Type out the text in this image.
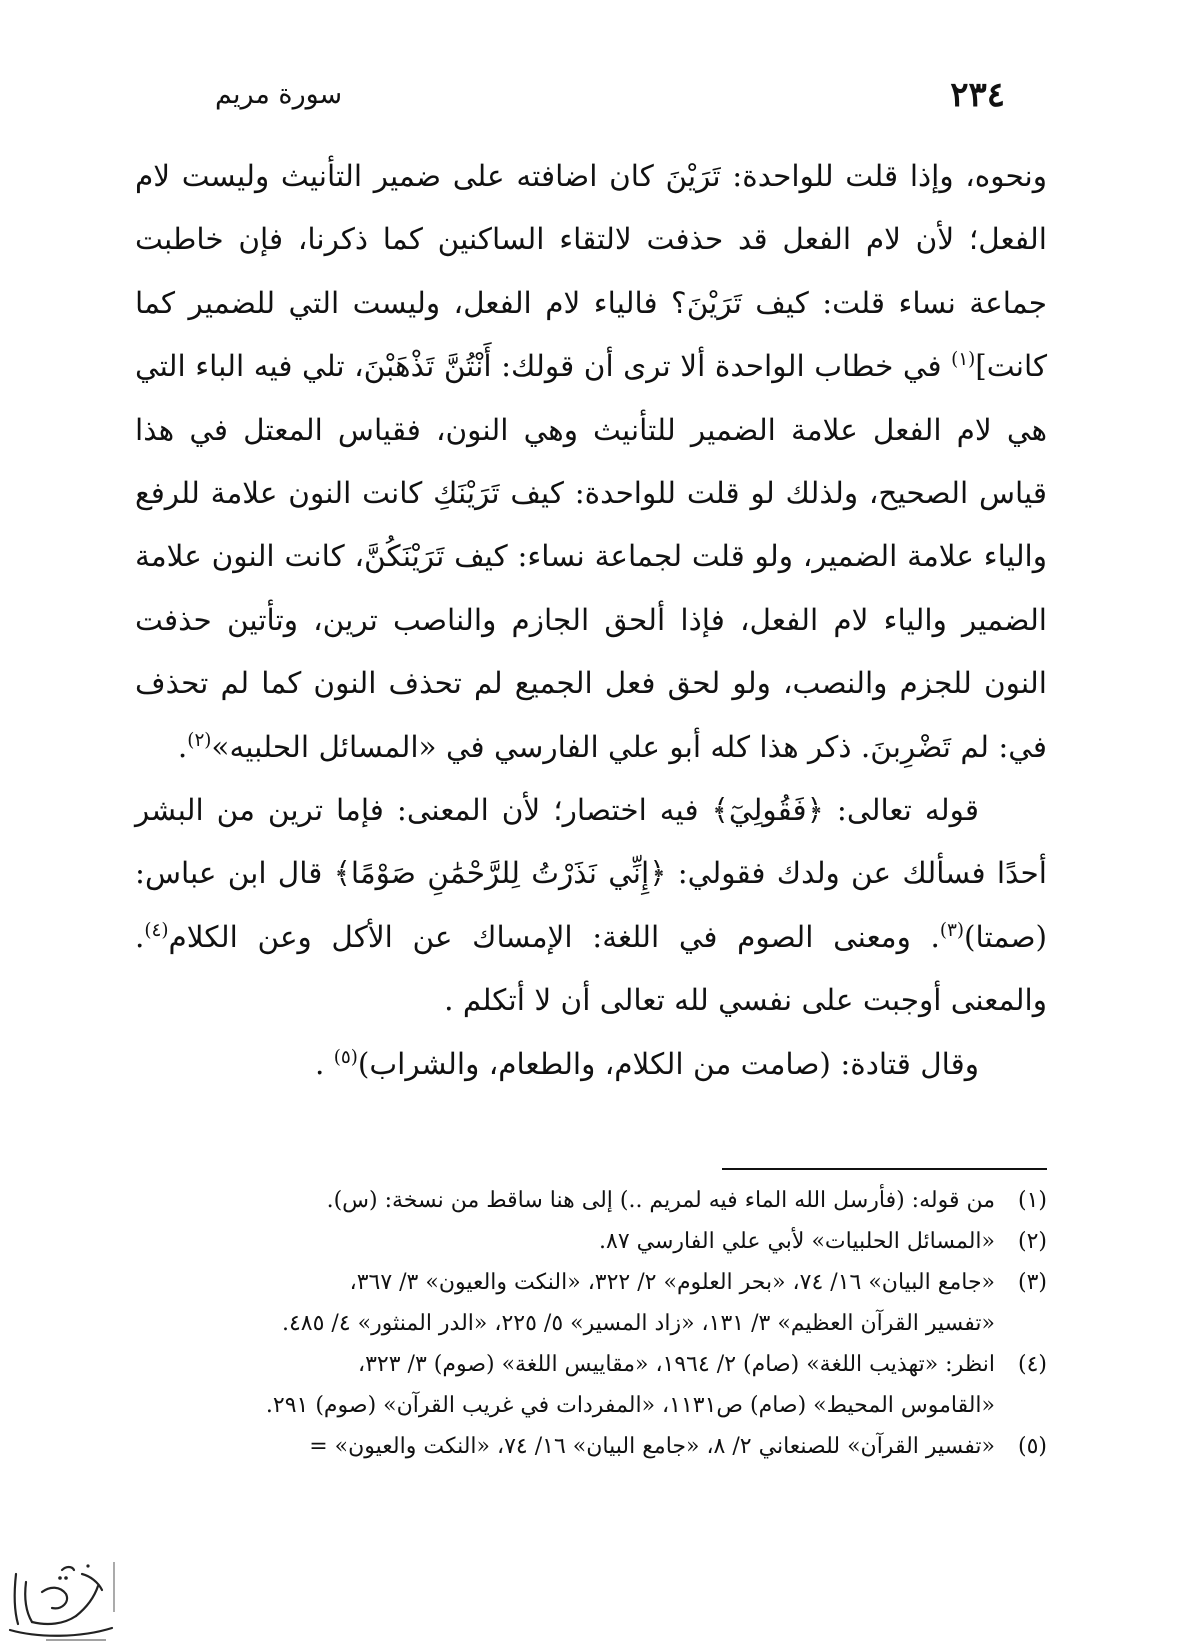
٢٣٤
سورة مريم

ونحوه، وإذا قلت للواحدة: تَرَيْنَ كان اضافته على ضمير التأنيث وليست لام الفعل؛ لأن لام الفعل قد حذفت لالتقاء الساكنين كما ذكرنا، فإن خاطبت جماعة نساء قلت: كيف تَرَيْنَ؟ فالياء لام الفعل، وليست التي للضمير كما كانت]$^{(١)}$ في خطاب الواحدة ألا ترى أن قولك: أَنْتُنَّ تَذْهَبْنَ، تلي فيه الباء التي هي لام الفعل علامة الضمير للتأنيث وهي النون، فقياس المعتل في هذا قياس الصحيح، ولذلك لو قلت للواحدة: كيف تَرَيْنَكِ كانت النون علامة للرفع والياء علامة الضمير، ولو قلت لجماعة نساء: كيف تَرَيْنَكُنَّ، كانت النون علامة الضمير والياء لام الفعل، فإذا ألحق الجازم والناصب ترين، وتأتين حذفت النون للجزم والنصب، ولو لحق فعل الجميع لم تحذف النون كما لم تحذف في: لم تَضْرِبنَ. ذكر هذا كله أبو علي الفارسي في «المسائل الحلبيه»$^{(٢)}$.

قوله تعالى: ﴿فَقُولِيٓ﴾ فيه اختصار؛ لأن المعنى: فإما ترين من البشر أحدًا فسألك عن ولدك فقولي: ﴿إِنِّي نَذَرْتُ لِلرَّحْمَٰنِ صَوْمًا﴾ قال ابن عباس: (صمتا)$^{(٣)}$. ومعنى الصوم في اللغة: الإمساك عن الأكل وعن الكلام$^{(٤)}$. والمعنى أوجبت على نفسي لله تعالى أن لا أتكلم .

وقال قتادة: (صامت من الكلام، والطعام، والشراب)$^{(٥)}$ .

(١)
من قوله: (فأرسل الله الماء فيه لمريم ..) إلى هنا ساقط من نسخة: (س).
(٢)
«المسائل الحلبيات» لأبي علي الفارسي ٨٧.
(٣)
«جامع البيان» ١٦/ ٧٤، «بحر العلوم» ٢/ ٣٢٢، «النكت والعيون» ٣/ ٣٦٧،
«تفسير القرآن العظيم» ٣/ ١٣١، «زاد المسير» ٥/ ٢٢٥، «الدر المنثور» ٤/ ٤٨٥.
(٤)
انظر: «تهذيب اللغة» (صام) ٢/ ١٩٦٤، «مقاييس اللغة» (صوم) ٣/ ٣٢٣،
«القاموس المحيط» (صام) ص١١٣١، «المفردات في غريب القرآن» (صوم) ٢٩١.
(٥)
«تفسير القرآن» للصنعاني ٢/ ٨، «جامع البيان» ١٦/ ٧٤، «النكت والعيون» =
